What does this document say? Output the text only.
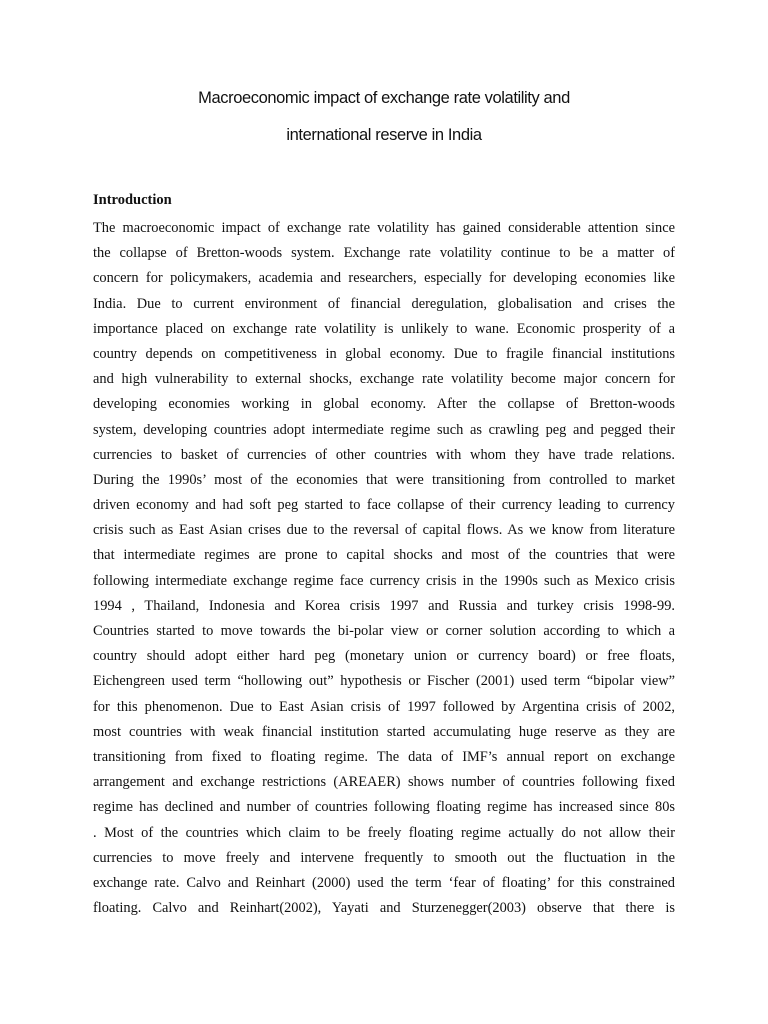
Macroeconomic impact of exchange rate volatility and
international reserve in India
Introduction
The macroeconomic impact of exchange rate volatility has gained considerable attention since
the collapse of Bretton-woods system. Exchange rate volatility continue to be a matter of
concern for policymakers, academia and researchers, especially for developing economies like
India. Due to current environment of financial deregulation, globalisation and crises the
importance placed on exchange rate volatility is unlikely to wane. Economic prosperity of a
country depends on competitiveness in global economy. Due to fragile financial institutions
and high vulnerability to external shocks, exchange rate volatility become major concern for
developing economies working in global economy. After the collapse of Bretton-woods
system, developing countries adopt intermediate regime such as crawling peg and pegged their
currencies to basket of currencies of other countries with whom they have trade relations.
During the 1990s’ most of the economies that were transitioning from controlled to market
driven economy and had soft peg started to face collapse of their currency leading to currency
crisis such as East Asian crises due to the reversal of capital flows. As we know from literature
that intermediate regimes are prone to capital shocks and most of the countries that were
following intermediate exchange regime face currency crisis in the 1990s such as Mexico crisis
1994 , Thailand, Indonesia and Korea crisis 1997 and Russia and turkey crisis 1998-99.
Countries started to move towards the bi-polar view or corner solution according to which a
country should adopt either hard peg (monetary union or currency board) or free floats,
Eichengreen used term “hollowing out” hypothesis or Fischer (2001) used term “bipolar view”
for this phenomenon. Due to East Asian crisis of 1997 followed by Argentina crisis of 2002,
most countries with weak financial institution started accumulating huge reserve as they are
transitioning from fixed to floating regime. The data of IMF’s annual report on exchange
arrangement and exchange restrictions (AREAER) shows number of countries following fixed
regime has declined and number of countries following floating regime has increased since 80s
. Most of the countries which claim to be freely floating regime actually do not allow their
currencies to move freely and intervene frequently to smooth out the fluctuation in the
exchange rate. Calvo and Reinhart (2000) used the term ‘fear of floating’ for this constrained
floating. Calvo and Reinhart(2002), Yayati and Sturzenegger(2003) observe that there is
